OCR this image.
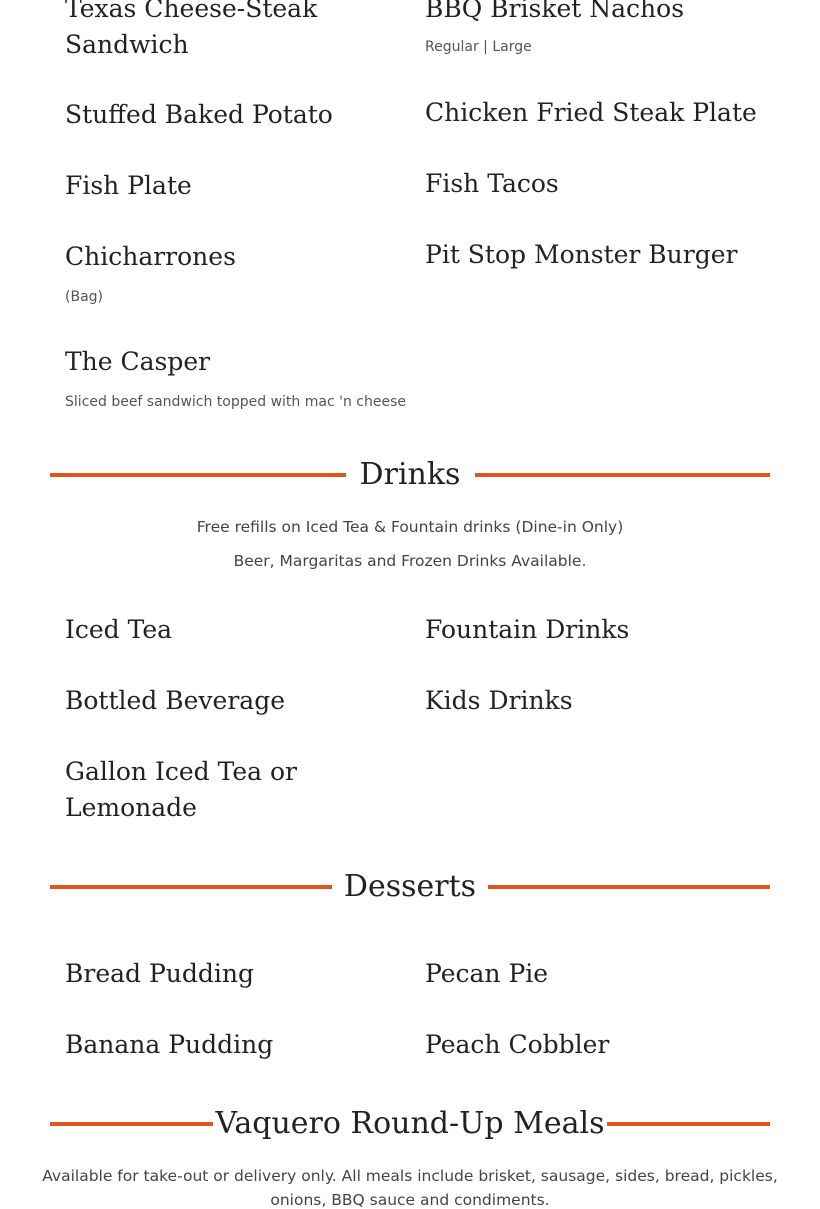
Texas Cheese-Steak Sandwich
BBQ Brisket Nachos
Regular | Large
Stuffed Baked Potato	Chicken Fried Steak Plate
Fish Plate	Fish Tacos
Chicharrones
(Bag)
Pit Stop Monster Burger
The Casper
Sliced beef sandwich topped with mac 'n cheese
Drinks
Free refills on Iced Tea & Fountain drinks (Dine-in Only)
Beer, Margaritas and Frozen Drinks Available.
Iced Tea	Fountain Drinks
Bottled Beverage	Kids Drinks
Gallon Iced Tea or Lemonade
Desserts
Bread Pudding	Pecan Pie
Banana Pudding	Peach Cobbler
Vaquero Round-Up Meals
Available for take-out or delivery only. All meals include brisket, sausage, sides, bread, pickles, onions, BBQ sauce and condiments.
